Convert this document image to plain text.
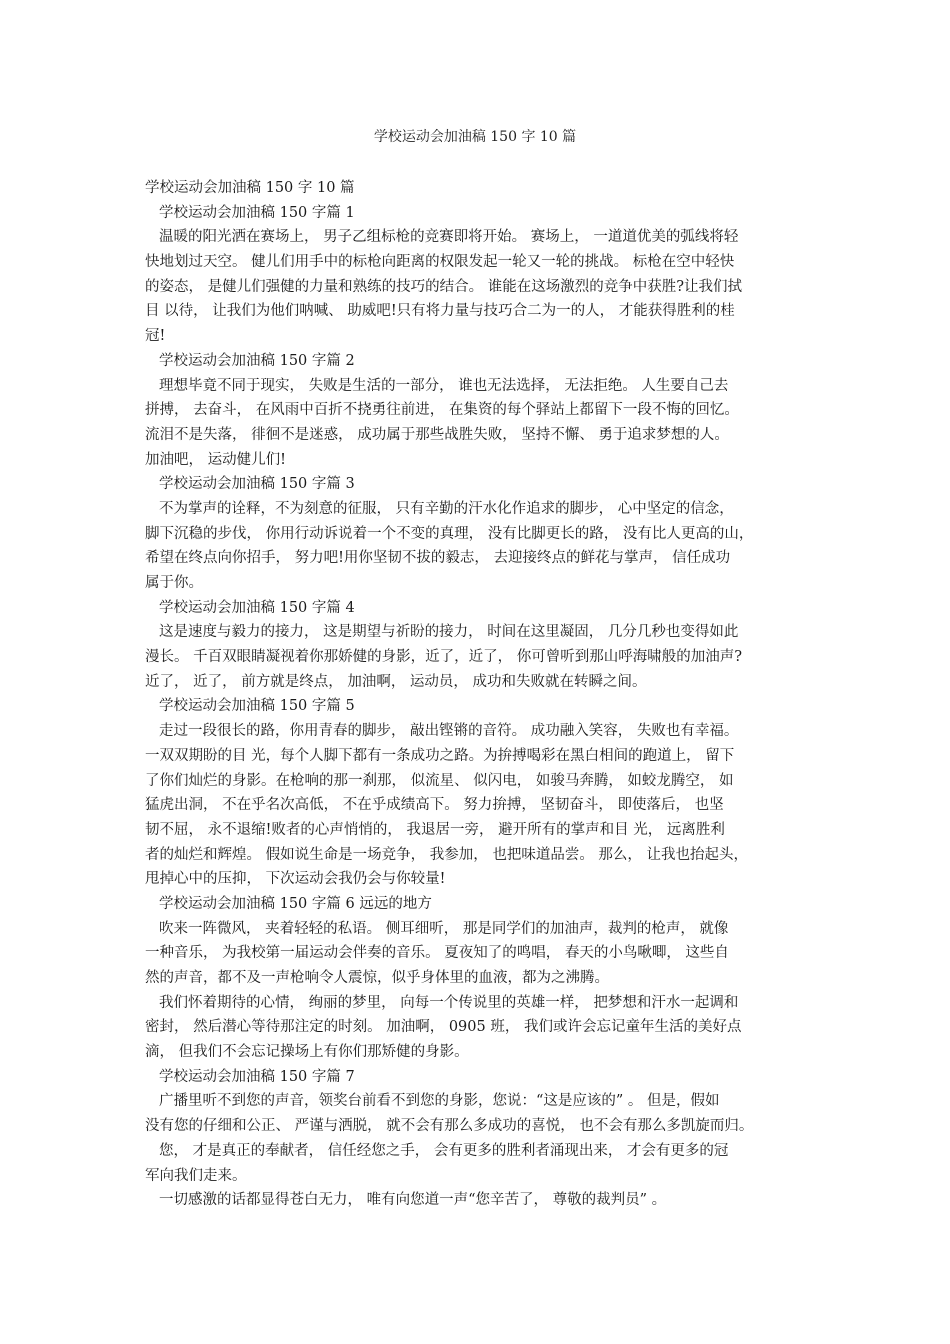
学校运动会加油稿 150 字 10 篇
学校运动会加油稿 150 字 10 篇
学校运动会加油稿 150 字篇 1
温暖的阳光洒在赛场上， 男子乙组标枪的竞赛即将开始。 赛场上， 一道道优美的弧线将轻
快地划过天空。 健儿们用手中的标枪向距离的权限发起一轮又一轮的挑战。 标枪在空中轻快
的姿态， 是健儿们强健的力量和熟练的技巧的结合。 谁能在这场激烈的竞争中获胜?让我们拭
目 以待， 让我们为他们呐喊、 助威吧!只有将力量与技巧合二为一的人， 才能获得胜利的桂
冠!
学校运动会加油稿 150 字篇 2
理想毕竟不同于现实， 失败是生活的一部分， 谁也无法选择， 无法拒绝。 人生要自己去
拼搏， 去奋斗， 在风雨中百折不挠勇往前进， 在集资的每个驿站上都留下一段不悔的回忆。
流泪不是失落， 徘徊不是迷惑， 成功属于那些战胜失败， 坚持不懈、 勇于追求梦想的人。
加油吧， 运动健儿们!
学校运动会加油稿 150 字篇 3
不为掌声的诠释，不为刻意的征服， 只有辛勤的汗水化作追求的脚步， 心中坚定的信念，
脚下沉稳的步伐， 你用行动诉说着一个不变的真理， 没有比脚更长的路， 没有比人更高的山，
希望在终点向你招手， 努力吧!用你坚韧不拔的毅志， 去迎接终点的鲜花与掌声， 信任成功
属于你。
学校运动会加油稿 150 字篇 4
这是速度与毅力的接力， 这是期望与祈盼的接力， 时间在这里凝固， 几分几秒也变得如此
漫长。 千百双眼睛凝视着你那娇健的身影，近了，近了， 你可曾听到那山呼海啸般的加油声?
近了， 近了， 前方就是终点， 加油啊， 运动员， 成功和失败就在转瞬之间。
学校运动会加油稿 150 字篇 5
走过一段很长的路，你用青春的脚步， 敲出铿锵的音符。 成功融入笑容， 失败也有幸福。
一双双期盼的目 光，每个人脚下都有一条成功之路。为拚搏喝彩在黑白相间的跑道上， 留下
了你们灿烂的身影。在枪响的那一刹那， 似流星、 似闪电， 如骏马奔腾， 如蛟龙腾空， 如
猛虎出洞， 不在乎名次高低， 不在乎成绩高下。 努力拚搏， 坚韧奋斗， 即使落后， 也坚
韧不屈， 永不退缩!败者的心声悄悄的， 我退居一旁， 避开所有的掌声和目 光， 远离胜利
者的灿烂和辉煌。 假如说生命是一场竞争， 我参加， 也把味道品尝。 那么， 让我也抬起头，
甩掉心中的压抑， 下次运动会我仍会与你较量!
学校运动会加油稿 150 字篇 6 远远的地方
吹来一阵微风， 夹着轻轻的私语。 侧耳细听， 那是同学们的加油声，裁判的枪声， 就像
一种音乐， 为我校第一届运动会伴奏的音乐。 夏夜知了的鸣唱， 春天的小鸟啾唧， 这些自
然的声音，都不及一声枪响令人震惊，似乎身体里的血液，都为之沸腾。
我们怀着期待的心情， 绚丽的梦里， 向每一个传说里的英雄一样， 把梦想和汗水一起调和
密封， 然后潜心等待那注定的时刻。 加油啊， 0905 班， 我们或许会忘记童年生活的美好点
滴， 但我们不会忘记操场上有你们那矫健的身影。
学校运动会加油稿 150 字篇 7
广播里听不到您的声音，领奖台前看不到您的身影，您说：“这是应该的” 。 但是，假如
没有您的仔细和公正、 严谨与洒脱， 就不会有那么多成功的喜悦， 也不会有那么多凯旋而归。
您， 才是真正的奉献者， 信任经您之手， 会有更多的胜利者涌现出来， 才会有更多的冠
军向我们走来。
一切感激的话都显得苍白无力， 唯有向您道一声“您辛苦了， 尊敬的裁判员” 。
